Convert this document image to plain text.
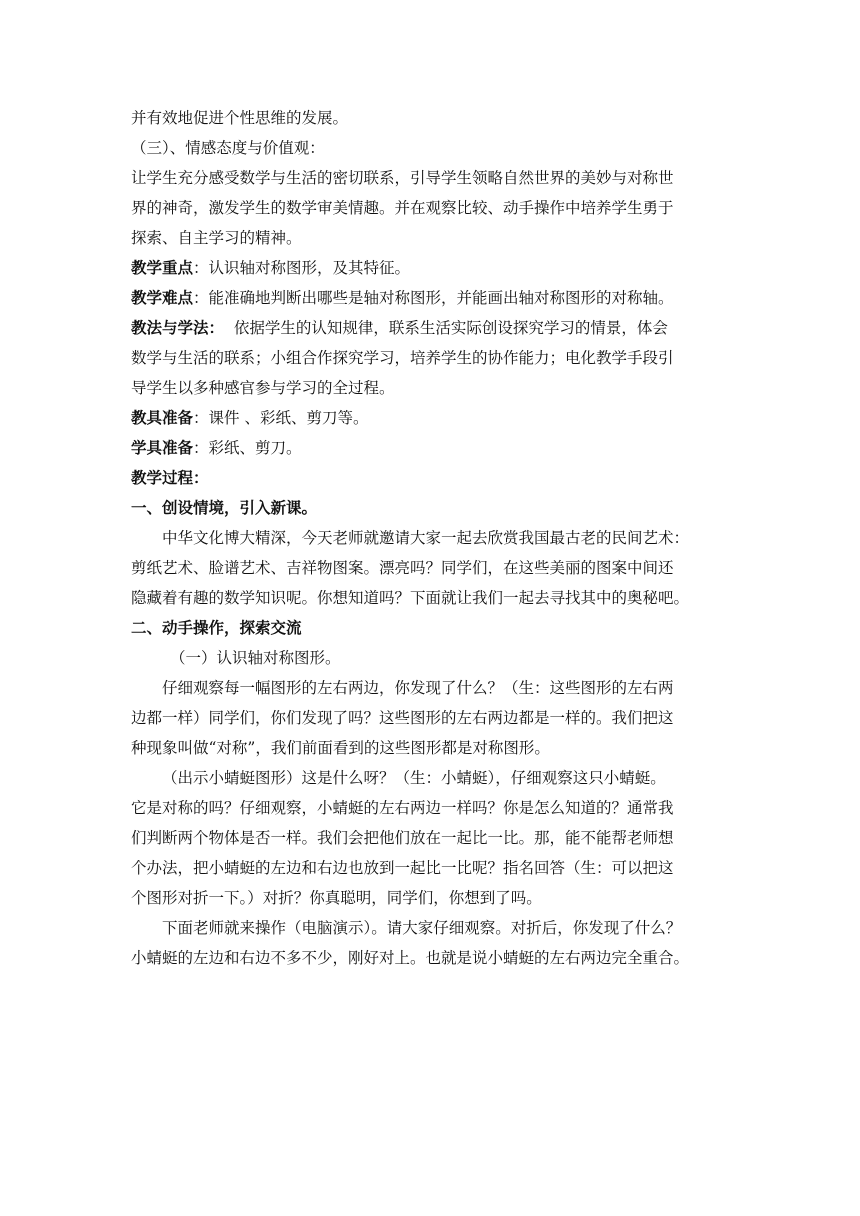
并有效地促进个性思维的发展。

（三）、情感态度与价值观：

让学生充分感受数学与生活的密切联系，引导学生领略自然世界的美妙与对称世
界的神奇，激发学生的数学审美情趣。并在观察比较、动手操作中培养学生勇于
探索、自主学习的精神。

教学重点：认识轴对称图形，及其特征。

教学难点：能准确地判断出哪些是轴对称图形，并能画出轴对称图形的对称轴。

教法与学法：  依据学生的认知规律，联系生活实际创设探究学习的情景，体会
数学与生活的联系；小组合作探究学习，培养学生的协作能力；电化教学手段引
导学生以多种感官参与学习的全过程。

教具准备：课件 、彩纸、剪刀等。

学具准备：彩纸、剪刀。

教学过程：

一、创设情境，引入新课。

中华文化博大精深，今天老师就邀请大家一起去欣赏我国最古老的民间艺术：
剪纸艺术、脸谱艺术、吉祥物图案。漂亮吗？同学们，在这些美丽的图案中间还
隐藏着有趣的数学知识呢。你想知道吗？下面就让我们一起去寻找其中的奥秘吧。

二、动手操作，探索交流

（一）认识轴对称图形。

仔细观察每一幅图形的左右两边，你发现了什么？（生：这些图形的左右两
边都一样）同学们，你们发现了吗？这些图形的左右两边都是一样的。我们把这
种现象叫做“对称”，我们前面看到的这些图形都是对称图形。

（出示小蜻蜓图形）这是什么呀？（生：小蜻蜓），仔细观察这只小蜻蜓。
它是对称的吗？仔细观察，小蜻蜓的左右两边一样吗？你是怎么知道的？通常我
们判断两个物体是否一样。我们会把他们放在一起比一比。那，能不能帮老师想
个办法，把小蜻蜓的左边和右边也放到一起比一比呢？指名回答（生：可以把这
个图形对折一下。）对折？你真聪明，同学们，你想到了吗。

下面老师就来操作（电脑演示）。请大家仔细观察。对折后，你发现了什么？
小蜻蜓的左边和右边不多不少，刚好对上。也就是说小蜻蜓的左右两边完全重合。
